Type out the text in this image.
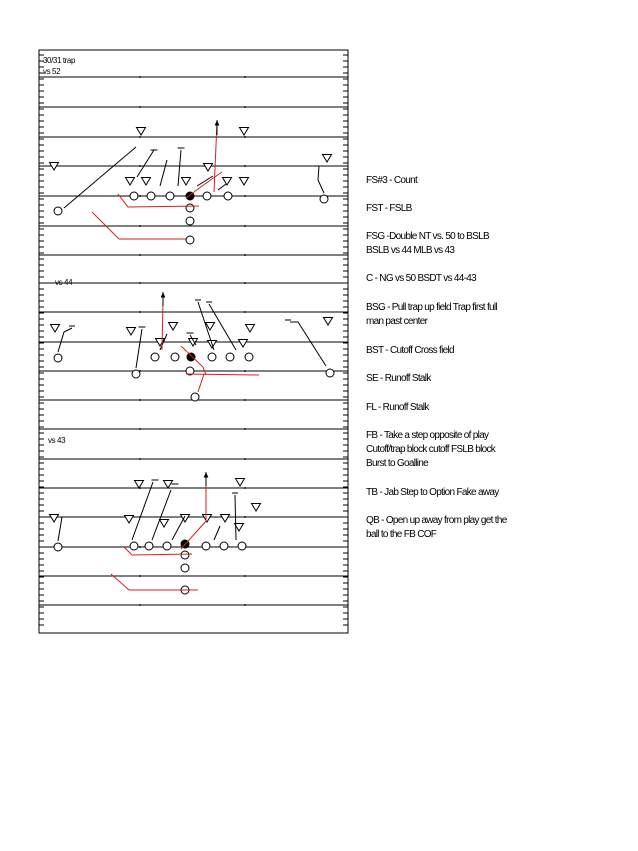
30/31 trap
vs 52
vs 44
vs 43
FS#3 - Count
FST - FSLB
FSG -Double NT vs. 50 to BSLB
BSLB vs 44 MLB vs 43
C - NG vs 50 BSDT vs 44-43
BSG - Pull trap up field Trap first full
man past center
BST - Cutoff Cross field
SE - Runoff Stalk
FL - Runoff Stalk
FB - Take a step opposite of play
Cutoff/trap block cutoff FSLB block
Burst to Goalline
TB - Jab Step to Option Fake away
QB - Open up away from play get the
ball to the FB COF
